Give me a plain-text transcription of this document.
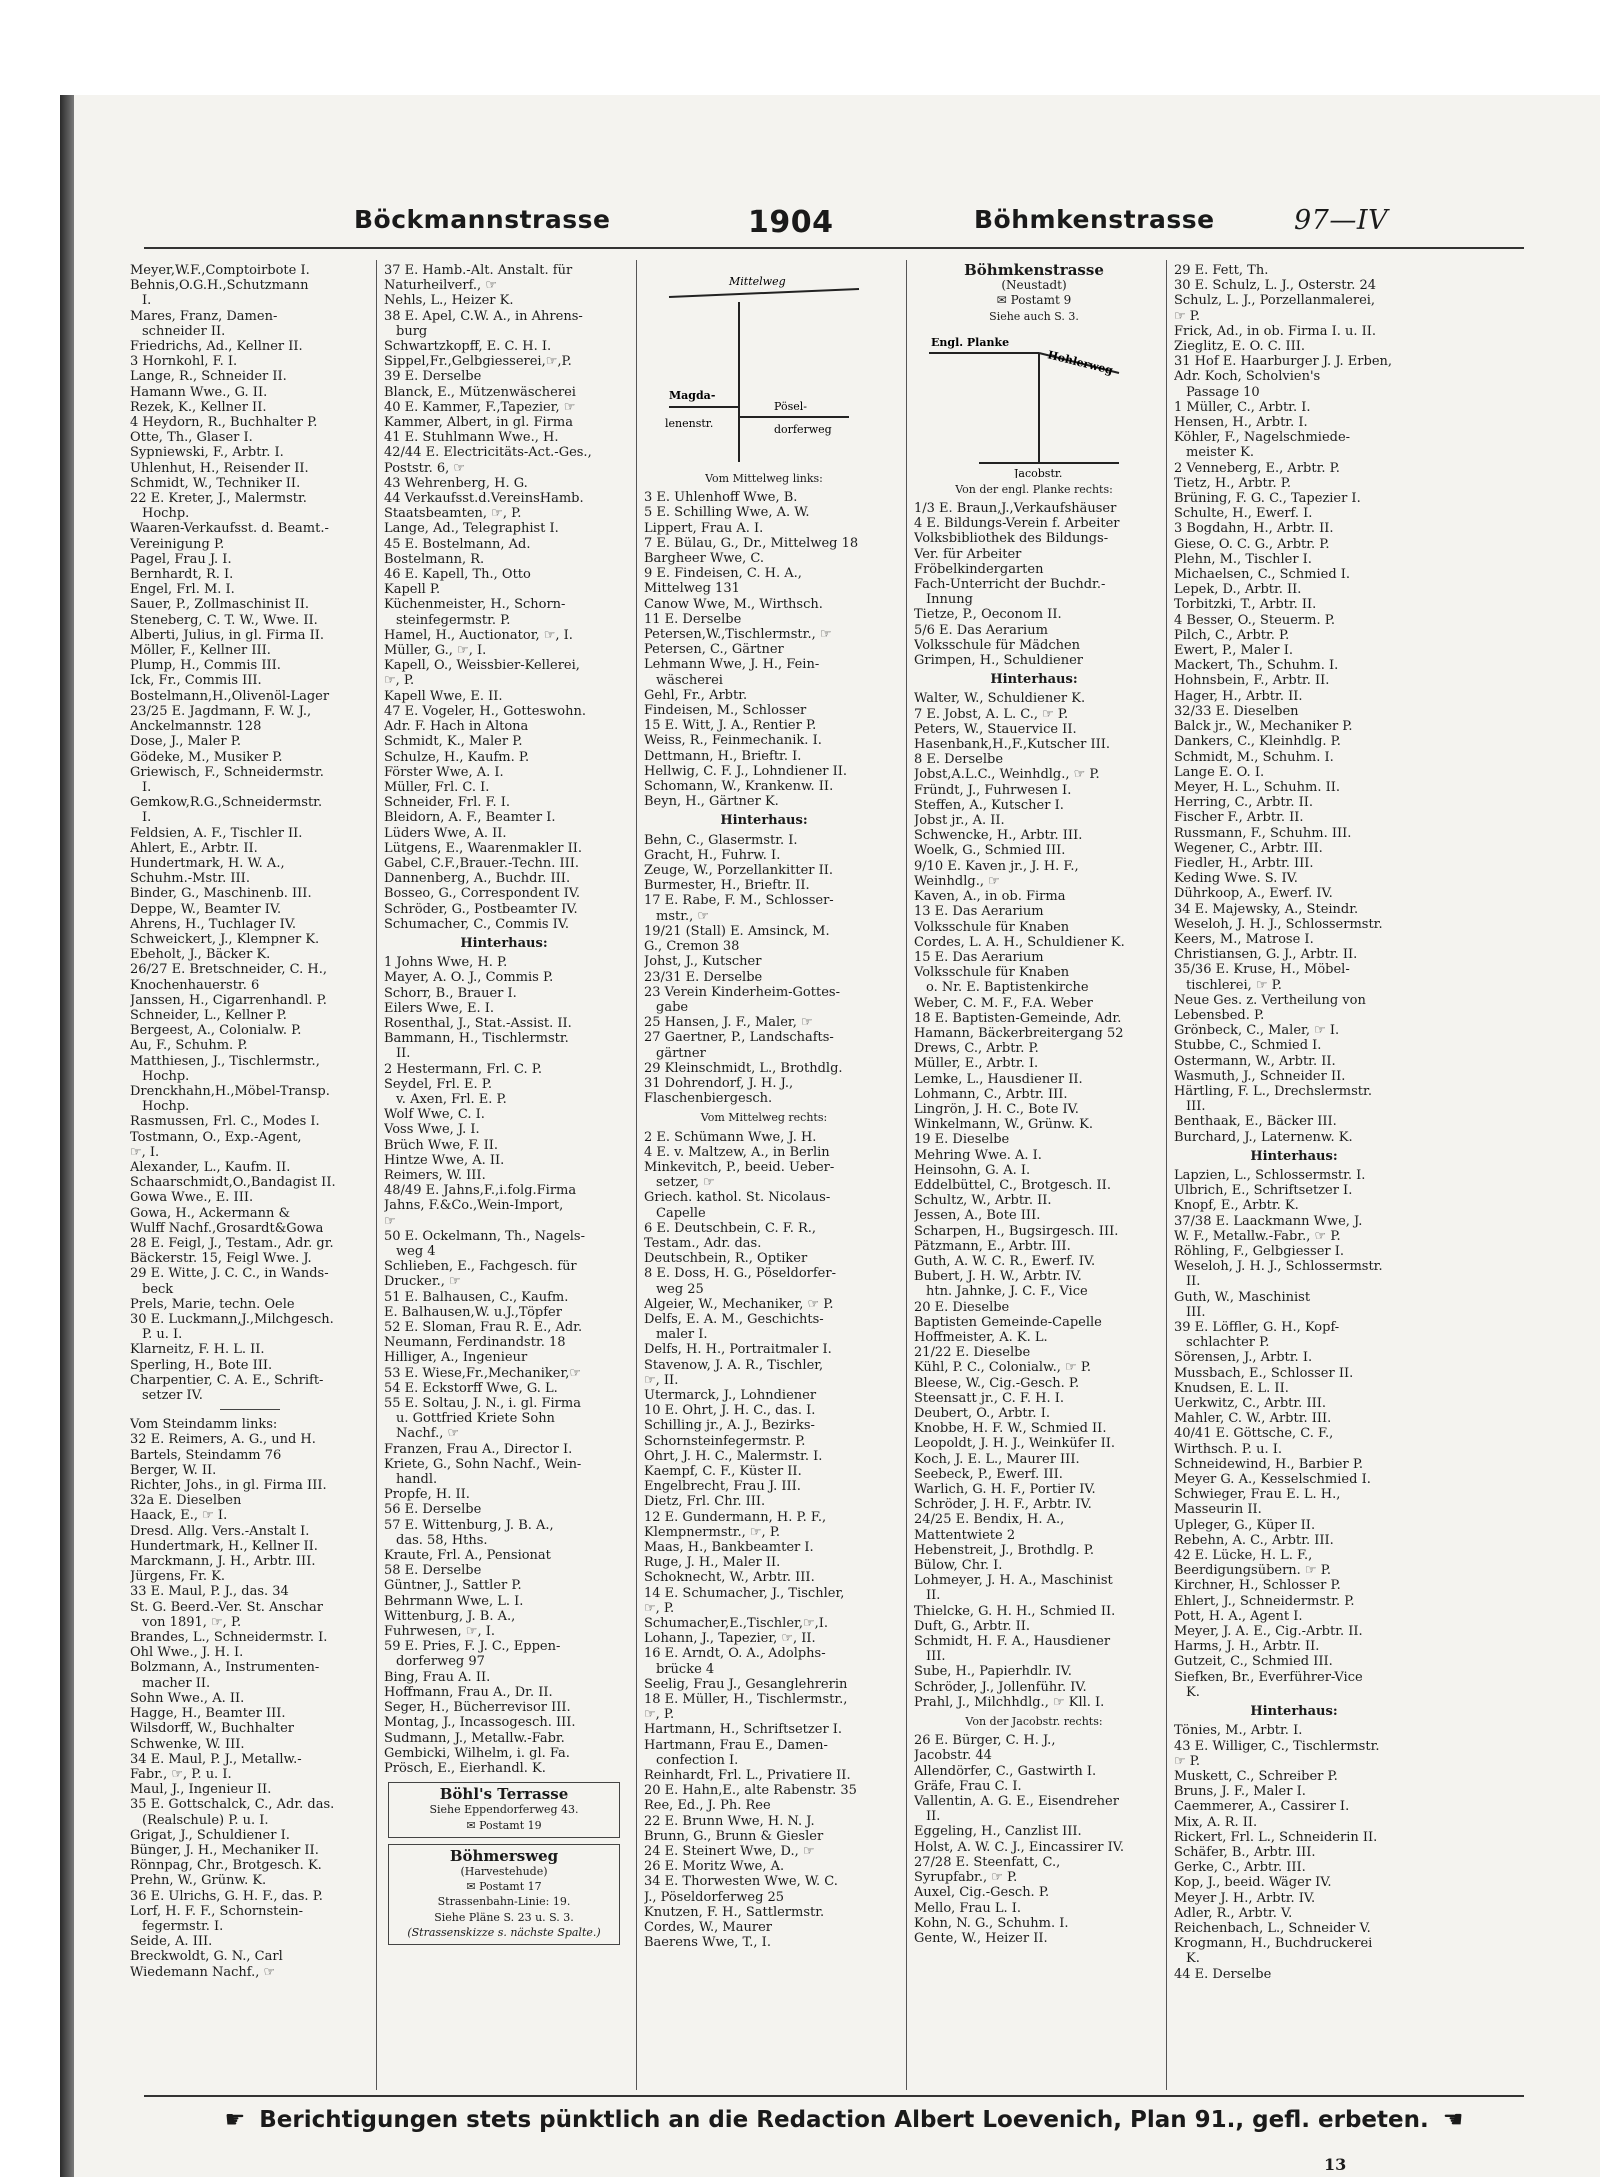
Böckmannstrasse	1904	Böhmkenstrasse	97—IV
Meyer,W.F.,Comptoirbote I.
Behnis,O.G.H.,Schutzmann
I.
Mares, Franz, Damen-
schneider II.
Friedrichs, Ad., Kellner II.
3 Hornkohl, F. I.
Lange, R., Schneider II.
Hamann Wwe., G. II.
Rezek, K., Kellner II.
4 Heydorn, R., Buchhalter P.
Otte, Th., Glaser I.
Sypniewski, F., Arbtr. I.
Uhlenhut, H., Reisender II.
Schmidt, W., Techniker II.
22 E. Kreter, J., Malermstr.
Hochp.
Waaren-Verkaufsst. d. Beamt.-
Vereinigung P.
Pagel, Frau J. I.
Bernhardt, R. I.
Engel, Frl. M. I.
Sauer, P., Zollmaschinist II.
Steneberg, C. T. W., Wwe. II.
Alberti, Julius, in gl. Firma II.
Möller, F., Kellner III.
Plump, H., Commis III.
Ick, Fr., Commis III.
Bostelmann,H.,Olivenöl-Lager
23/25 E. Jagdmann, F. W. J.,
Anckelmannstr. 128
Dose, J., Maler P.
Gödeke, M., Musiker P.
Griewisch, F., Schneidermstr.
I.
Gemkow,R.G.,Schneidermstr.
I.
Feldsien, A. F., Tischler II.
Ahlert, E., Arbtr. II.
Hundertmark, H. W. A.,
Schuhm.-Mstr. III.
Binder, G., Maschinenb. III.
Deppe, W., Beamter IV.
Ahrens, H., Tuchlager IV.
Schweickert, J., Klempner K.
Ebeholt, J., Bäcker K.
26/27 E. Bretschneider, C. H.,
Knochenhauerstr. 6
Janssen, H., Cigarrenhandl. P.
Schneider, L., Kellner P.
Bergeest, A., Colonialw. P.
Au, F., Schuhm. P.
Matthiesen, J., Tischlermstr.,
Hochp.
Drenckhahn,H.,Möbel-Transp.
Hochp.
Rasmussen, Frl. C., Modes I.
Tostmann, O., Exp.-Agent,
☞, I.
Alexander, L., Kaufm. II.
Schaarschmidt,O.,Bandagist II.
Gowa Wwe., E. III.
Gowa, H., Ackermann &
Wulff Nachf.,Grosardt&Gowa
28 E. Feigl, J., Testam., Adr. gr.
Bäckerstr. 15, Feigl Wwe. J.
29 E. Witte, J. C. C., in Wands-
beck
Prels, Marie, techn. Oele
30 E. Luckmann,J.,Milchgesch.
P. u. I.
Klarneitz, F. H. L. II.
Sperling, H., Bote III.
Charpentier, C. A. E., Schrift-
setzer IV.
Vom Steindamm links:
32 E. Reimers, A. G., und H.
Bartels, Steindamm 76
Berger, W. II.
Richter, Johs., in gl. Firma III.
32a E. Dieselben
Haack, E., ☞ I.
Dresd. Allg. Vers.-Anstalt I.
Hundertmark, H., Kellner II.
Marckmann, J. H., Arbtr. III.
Jürgens, Fr. K.
33 E. Maul, P. J., das. 34
St. G. Beerd.-Ver. St. Anschar
von 1891, ☞, P.
Brandes, L., Schneidermstr. I.
Ohl Wwe., J. H. I.
Bolzmann, A., Instrumenten-
macher II.
Sohn Wwe., A. II.
Hagge, H., Beamter III.
Wilsdorff, W., Buchhalter
Schwenke, W. III.
34 E. Maul, P. J., Metallw.-
Fabr., ☞, P. u. I.
Maul, J., Ingenieur II.
35 E. Gottschalck, C., Adr. das.
(Realschule) P. u. I.
Grigat, J., Schuldiener I.
Bünger, J. H., Mechaniker II.
Rönnpag, Chr., Brotgesch. K.
Prehn, W., Grünw. K.
36 E. Ulrichs, G. H. F., das. P.
Lorf, H. F. F., Schornstein-
fegermstr. I.
Seide, A. III.
Breckwoldt, G. N., Carl
Wiedemann Nachf., ☞
37 E. Hamb.-Alt. Anstalt. für
Naturheilverf., ☞
Nehls, L., Heizer K.
38 E. Apel, C.W. A., in Ahrens-
burg
Schwartzkopff, E. C. H. I.
Sippel,Fr.,Gelbgiesserei,☞,P.
39 E. Derselbe
Blanck, E., Mützenwäscherei
40 E. Kammer, F.,Tapezier, ☞
Kammer, Albert, in gl. Firma
41 E. Stuhlmann Wwe., H.
42/44 E. Electricitäts-Act.-Ges.,
Poststr. 6, ☞
43 Wehrenberg, H. G.
44 Verkaufsst.d.VereinsHamb.
Staatsbeamten, ☞, P.
Lange, Ad., Telegraphist I.
45 E. Bostelmann, Ad.
Bostelmann, R.
46 E. Kapell, Th., Otto
Kapell P.
Küchenmeister, H., Schorn-
steinfegermstr. P.
Hamel, H., Auctionator, ☞, I.
Müller, G., ☞, I.
Kapell, O., Weissbier-Kellerei,
☞, P.
Kapell Wwe, E. II.
47 E. Vogeler, H., Gotteswohn.
Adr. F. Hach in Altona
Schmidt, K., Maler P.
Schulze, H., Kaufm. P.
Förster Wwe, A. I.
Müller, Frl. C. I.
Schneider, Frl. F. I.
Bleidorn, A. F., Beamter I.
Lüders Wwe, A. II.
Lütgens, E., Waarenmakler II.
Gabel, C.F.,Brauer.-Techn. III.
Dannenberg, A., Buchdr. III.
Bosseo, G., Correspondent IV.
Schröder, G., Postbeamter IV.
Schumacher, C., Commis IV.
Hinterhaus:
1 Johns Wwe, H. P.
Mayer, A. O. J., Commis P.
Schorr, B., Brauer I.
Eilers Wwe, E. I.
Rosenthal, J., Stat.-Assist. II.
Bammann, H., Tischlermstr.
II.
2 Hestermann, Frl. C. P.
Seydel, Frl. E. P.
v. Axen, Frl. E. P.
Wolf Wwe, C. I.
Voss Wwe, J. I.
Brüch Wwe, F. II.
Hintze Wwe, A. II.
Reimers, W. III.
48/49 E. Jahns,F.,i.folg.Firma
Jahns, F.&Co.,Wein-Import,
☞
50 E. Ockelmann, Th., Nagels-
weg 4
Schlieben, E., Fachgesch. für
Drucker., ☞
51 E. Balhausen, C., Kaufm.
E. Balhausen,W. u.J.,Töpfer
52 E. Sloman, Frau R. E., Adr.
Neumann, Ferdinandstr. 18
Hilliger, A., Ingenieur
53 E. Wiese,Fr.,Mechaniker,☞
54 E. Eckstorff Wwe, G. L.
55 E. Soltau, J. N., i. gl. Firma
u. Gottfried Kriete Sohn
Nachf., ☞
Franzen, Frau A., Director I.
Kriete, G., Sohn Nachf., Wein-
handl.
Propfe, H. II.
56 E. Derselbe
57 E. Wittenburg, J. B. A.,
das. 58, Hths.
Kraute, Frl. A., Pensionat
58 E. Derselbe
Güntner, J., Sattler P.
Behrmann Wwe, L. I.
Wittenburg, J. B. A.,
Fuhrwesen, ☞, I.
59 E. Pries, F. J. C., Eppen-
dorferweg 97
Bing, Frau A. II.
Hoffmann, Frau A., Dr. II.
Seger, H., Bücherrevisor III.
Montag, J., Incassogesch. III.
Sudmann, J., Metallw.-Fabr.
Gembicki, Wilhelm, i. gl. Fa.
Prösch, E., Eierhandl. K.
Böhl's Terrasse
Siehe Eppendorferweg 43.
✉ Postamt 19
Böhmersweg
(Harvestehude)
✉ Postamt 17
Strassenbahn-Linie: 19.
Siehe Pläne S. 23 u. S. 3.
(Strassenskizze s. nächste Spalte.)
Mittelweg
Magda-
lenenstr.
Pösel-
dorferweg
Vom Mittelweg links:
3 E. Uhlenhoff Wwe, B.
5 E. Schilling Wwe, A. W.
Lippert, Frau A. I.
7 E. Bülau, G., Dr., Mittelweg 18
Bargheer Wwe, C.
9 E. Findeisen, C. H. A.,
Mittelweg 131
Canow Wwe, M., Wirthsch.
11 E. Derselbe
Petersen,W.,Tischlermstr., ☞
Petersen, C., Gärtner
Lehmann Wwe, J. H., Fein-
wäscherei
Gehl, Fr., Arbtr.
Findeisen, M., Schlosser
15 E. Witt, J. A., Rentier P.
Weiss, R., Feinmechanik. I.
Dettmann, H., Brieftr. I.
Hellwig, C. F. J., Lohndiener II.
Schomann, W., Krankenw. II.
Beyn, H., Gärtner K.
Hinterhaus:
Behn, C., Glasermstr. I.
Gracht, H., Fuhrw. I.
Zeuge, W., Porzellankitter II.
Burmester, H., Brieftr. II.
17 E. Rabe, F. M., Schlosser-
mstr., ☞
19/21 (Stall) E. Amsinck, M.
G., Cremon 38
Johst, J., Kutscher
23/31 E. Derselbe
23 Verein Kinderheim-Gottes-
gabe
25 Hansen, J. F., Maler, ☞
27 Gaertner, P., Landschafts-
gärtner
29 Kleinschmidt, L., Brothdlg.
31 Dohrendorf, J. H. J.,
Flaschenbiergesch.
Vom Mittelweg rechts:
2 E. Schümann Wwe, J. H.
4 E. v. Maltzew, A., in Berlin
Minkevitch, P., beeid. Ueber-
setzer, ☞
Griech. kathol. St. Nicolaus-
Capelle
6 E. Deutschbein, C. F. R.,
Testam., Adr. das.
Deutschbein, R., Optiker
8 E. Doss, H. G., Pöseldorfer-
weg 25
Algeier, W., Mechaniker, ☞ P.
Delfs, E. A. M., Geschichts-
maler I.
Delfs, H. H., Portraitmaler I.
Stavenow, J. A. R., Tischler,
☞, II.
Utermarck, J., Lohndiener
10 E. Ohrt, J. H. C., das. I.
Schilling jr., A. J., Bezirks-
Schornsteinfegermstr. P.
Ohrt, J. H. C., Malermstr. I.
Kaempf, C. F., Küster II.
Engelbrecht, Frau J. III.
Dietz, Frl. Chr. III.
12 E. Gundermann, H. P. F.,
Klempnermstr., ☞, P.
Maas, H., Bankbeamter I.
Ruge, J. H., Maler II.
Schoknecht, W., Arbtr. III.
14 E. Schumacher, J., Tischler,
☞, P.
Schumacher,E.,Tischler,☞,I.
Lohann, J., Tapezier, ☞, II.
16 E. Arndt, O. A., Adolphs-
brücke 4
Seelig, Frau J., Gesanglehrerin
18 E. Müller, H., Tischlermstr.,
☞, P.
Hartmann, H., Schriftsetzer I.
Hartmann, Frau E., Damen-
confection I.
Reinhardt, Frl. L., Privatiere II.
20 E. Hahn,E., alte Rabenstr. 35
Ree, Ed., J. Ph. Ree
22 E. Brunn Wwe, H. N. J.
Brunn, G., Brunn & Giesler
24 E. Steinert Wwe, D., ☞
26 E. Moritz Wwe, A.
34 E. Thorwesten Wwe, W. C.
J., Pöseldorferweg 25
Knutzen, F. H., Sattlermstr.
Cordes, W., Maurer
Baerens Wwe, T., I.
Böhmkenstrasse
(Neustadt)
✉ Postamt 9
Siehe auch S. 3.
Engl. Planke
Hohlerweg
Jacobstr.
Von der engl. Planke rechts:
1/3 E. Braun,J.,Verkaufshäuser
4 E. Bildungs-Verein f. Arbeiter
Volksbibliothek des Bildungs-
Ver. für Arbeiter
Fröbelkindergarten
Fach-Unterricht der Buchdr.-
Innung
Tietze, P., Oeconom II.
5/6 E. Das Aerarium
Volksschule für Mädchen
Grimpen, H., Schuldiener
Hinterhaus:
Walter, W., Schuldiener K.
7 E. Jobst, A. L. C., ☞ P.
Peters, W., Stauervice II.
Hasenbank,H.,F.,Kutscher III.
8 E. Derselbe
Jobst,A.L.C., Weinhdlg., ☞ P.
Fründt, J., Fuhrwesen I.
Steffen, A., Kutscher I.
Jobst jr., A. II.
Schwencke, H., Arbtr. III.
Woelk, G., Schmied III.
9/10 E. Kaven jr., J. H. F.,
Weinhdlg., ☞
Kaven, A., in ob. Firma
13 E. Das Aerarium
Volksschule für Knaben
Cordes, L. A. H., Schuldiener K.
15 E. Das Aerarium
Volksschule für Knaben
o. Nr. E. Baptistenkirche
Weber, C. M. F., F.A. Weber
18 E. Baptisten-Gemeinde, Adr.
Hamann, Bäckerbreitergang 52
Drews, C., Arbtr. P.
Müller, E., Arbtr. I.
Lemke, L., Hausdiener II.
Lohmann, C., Arbtr. III.
Lingrön, J. H. C., Bote IV.
Winkelmann, W., Grünw. K.
19 E. Dieselbe
Mehring Wwe. A. I.
Heinsohn, G. A. I.
Eddelbüttel, C., Brotgesch. II.
Schultz, W., Arbtr. II.
Jessen, A., Bote III.
Scharpen, H., Bugsirgesch. III.
Pätzmann, E., Arbtr. III.
Guth, A. W. C. R., Ewerf. IV.
Bubert, J. H. W., Arbtr. IV.
htn. Jahnke, J. C. F., Vice
20 E. Dieselbe
Baptisten Gemeinde-Capelle
Hoffmeister, A. K. L.
21/22 E. Dieselbe
Kühl, P. C., Colonialw., ☞ P.
Bleese, W., Cig.-Gesch. P.
Steensatt jr., C. F. H. I.
Deubert, O., Arbtr. I.
Knobbe, H. F. W., Schmied II.
Leopoldt, J. H. J., Weinküfer II.
Koch, J. E. L., Maurer III.
Seebeck, P., Ewerf. III.
Warlich, G. H. F., Portier IV.
Schröder, J. H. F., Arbtr. IV.
24/25 E. Bendix, H. A.,
Mattentwiete 2
Hebenstreit, J., Brothdlg. P.
Bülow, Chr. I.
Lohmeyer, J. H. A., Maschinist
II.
Thielcke, G. H. H., Schmied II.
Duft, G., Arbtr. II.
Schmidt, H. F. A., Hausdiener
III.
Sube, H., Papierhdlr. IV.
Schröder, J., Jollenführ. IV.
Prahl, J., Milchhdlg., ☞ Kll. I.
Von der Jacobstr. rechts:
26 E. Bürger, C. H. J.,
Jacobstr. 44
Allendörfer, C., Gastwirth I.
Gräfe, Frau C. I.
Vallentin, A. G. E., Eisendreher
II.
Eggeling, H., Canzlist III.
Holst, A. W. C. J., Eincassirer IV.
27/28 E. Steenfatt, C.,
Syrupfabr., ☞ P.
Auxel, Cig.-Gesch. P.
Mello, Frau L. I.
Kohn, N. G., Schuhm. I.
Gente, W., Heizer II.
29 E. Fett, Th.
30 E. Schulz, L. J., Osterstr. 24
Schulz, L. J., Porzellanmalerei,
☞ P.
Frick, Ad., in ob. Firma I. u. II.
Zieglitz, E. O. C. III.
31 Hof E. Haarburger J. J. Erben,
Adr. Koch, Scholvien's
Passage 10
1 Müller, C., Arbtr. I.
Hensen, H., Arbtr. I.
Köhler, F., Nagelschmiede-
meister K.
2 Venneberg, E., Arbtr. P.
Tietz, H., Arbtr. P.
Brüning, F. G. C., Tapezier I.
Schulte, H., Ewerf. I.
3 Bogdahn, H., Arbtr. II.
Giese, O. C. G., Arbtr. P.
Plehn, M., Tischler I.
Michaelsen, C., Schmied I.
Lepek, D., Arbtr. II.
Torbitzki, T., Arbtr. II.
4 Besser, O., Steuerm. P.
Pilch, C., Arbtr. P.
Ewert, P., Maler I.
Mackert, Th., Schuhm. I.
Hohnsbein, F., Arbtr. II.
Hager, H., Arbtr. II.
32/33 E. Dieselben
Balck jr., W., Mechaniker P.
Dankers, C., Kleinhdlg. P.
Schmidt, M., Schuhm. I.
Lange E. O. I.
Meyer, H. L., Schuhm. II.
Herring, C., Arbtr. II.
Fischer F., Arbtr. II.
Russmann, F., Schuhm. III.
Wegener, C., Arbtr. III.
Fiedler, H., Arbtr. III.
Keding Wwe. S. IV.
Dührkoop, A., Ewerf. IV.
34 E. Majewsky, A., Steindr.
Weseloh, J. H. J., Schlossermstr.
Keers, M., Matrose I.
Christiansen, G. J., Arbtr. II.
35/36 E. Kruse, H., Möbel-
tischlerei, ☞ P.
Neue Ges. z. Vertheilung von
Lebensbed. P.
Grönbeck, C., Maler, ☞ I.
Stubbe, C., Schmied I.
Ostermann, W., Arbtr. II.
Wasmuth, J., Schneider II.
Härtling, F. L., Drechslermstr.
III.
Benthaak, E., Bäcker III.
Burchard, J., Laternenw. K.
Hinterhaus:
Lapzien, L., Schlossermstr. I.
Ulbrich, E., Schriftsetzer I.
Knopf, E., Arbtr. K.
37/38 E. Laackmann Wwe, J.
W. F., Metallw.-Fabr., ☞ P.
Röhling, F., Gelbgiesser I.
Weseloh, J. H. J., Schlossermstr.
II.
Guth, W., Maschinist
III.
39 E. Löffler, G. H., Kopf-
schlachter P.
Sörensen, J., Arbtr. I.
Mussbach, E., Schlosser II.
Knudsen, E. L. II.
Uerkwitz, C., Arbtr. III.
Mahler, C. W., Arbtr. III.
40/41 E. Göttsche, C. F.,
Wirthsch. P. u. I.
Schneidewind, H., Barbier P.
Meyer G. A., Kesselschmied I.
Schwieger, Frau E. L. H.,
Masseurin II.
Upleger, G., Küper II.
Rebehn, A. C., Arbtr. III.
42 E. Lücke, H. L. F.,
Beerdigungsübern. ☞ P.
Kirchner, H., Schlosser P.
Ehlert, J., Schneidermstr. P.
Pott, H. A., Agent I.
Meyer, J. A. E., Cig.-Arbtr. II.
Harms, J. H., Arbtr. II.
Gutzeit, C., Schmied III.
Siefken, Br., Everführer-Vice
K.
Hinterhaus:
Tönies, M., Arbtr. I.
43 E. Williger, C., Tischlermstr.
☞ P.
Muskett, C., Schreiber P.
Bruns, J. F., Maler I.
Caemmerer, A., Cassirer I.
Mix, A. R. II.
Rickert, Frl. L., Schneiderin II.
Schäfer, B., Arbtr. III.
Gerke, C., Arbtr. III.
Kop, J., beeid. Wäger IV.
Meyer J. H., Arbtr. IV.
Adler, R., Arbtr. V.
Reichenbach, L., Schneider V.
Krogmann, H., Buchdruckerei
K.
44 E. Derselbe
☛ Berichtigungen stets pünktlich an die Redaction Albert Loevenich, Plan 91., gefl. erbeten. ☚
13
